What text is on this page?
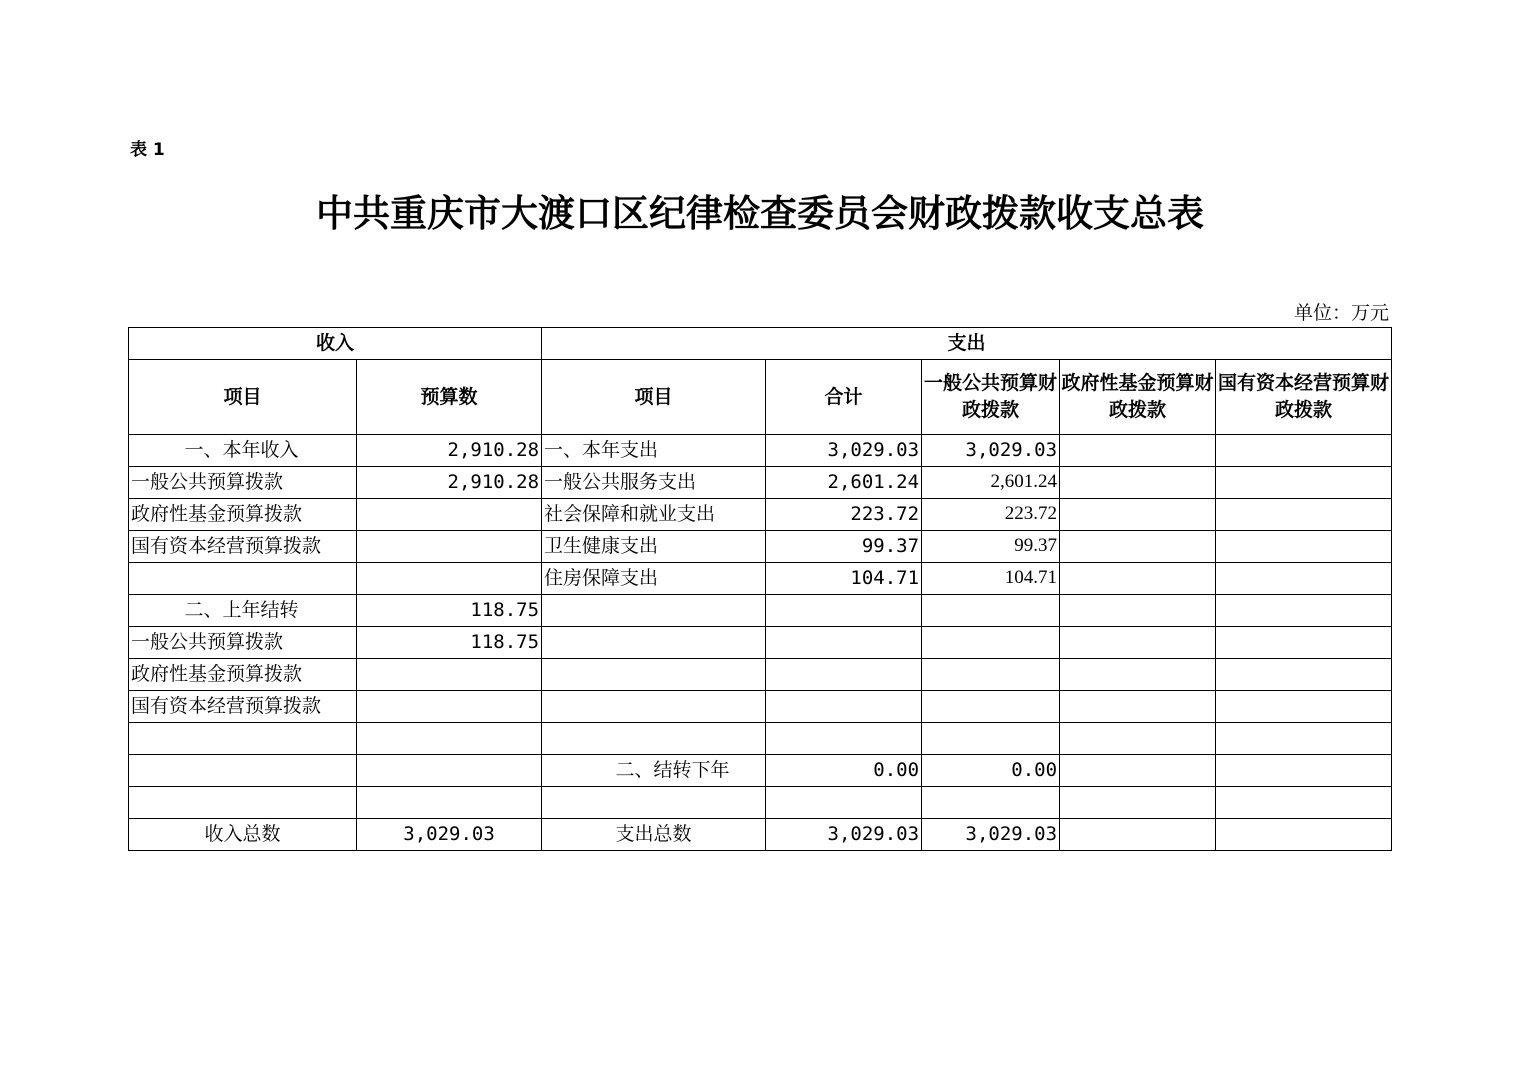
表 1
中共重庆市大渡口区纪律检查委员会财政拨款收支总表
单位：万元
收入		支出				
项目	预算数	项目	合计	一般公共预算财政拨款	政府性基金预算财政拨款	国有资本经营预算财政拨款
一、本年收入	2,910.28	一、本年支出	3,029.03	3,029.03		
一般公共预算拨款	2,910.28	一般公共服务支出	2,601.24	2,601.24		
政府性基金预算拨款		社会保障和就业支出	223.72	223.72		
国有资本经营预算拨款		卫生健康支出	99.37	99.37		
		住房保障支出	104.71	104.71		
二、上年结转	118.75					
一般公共预算拨款	118.75					
政府性基金预算拨款						
国有资本经营预算拨款						

		二、结转下年	0.00	0.00		

收入总数	3,029.03	支出总数	3,029.03	3,029.03		
